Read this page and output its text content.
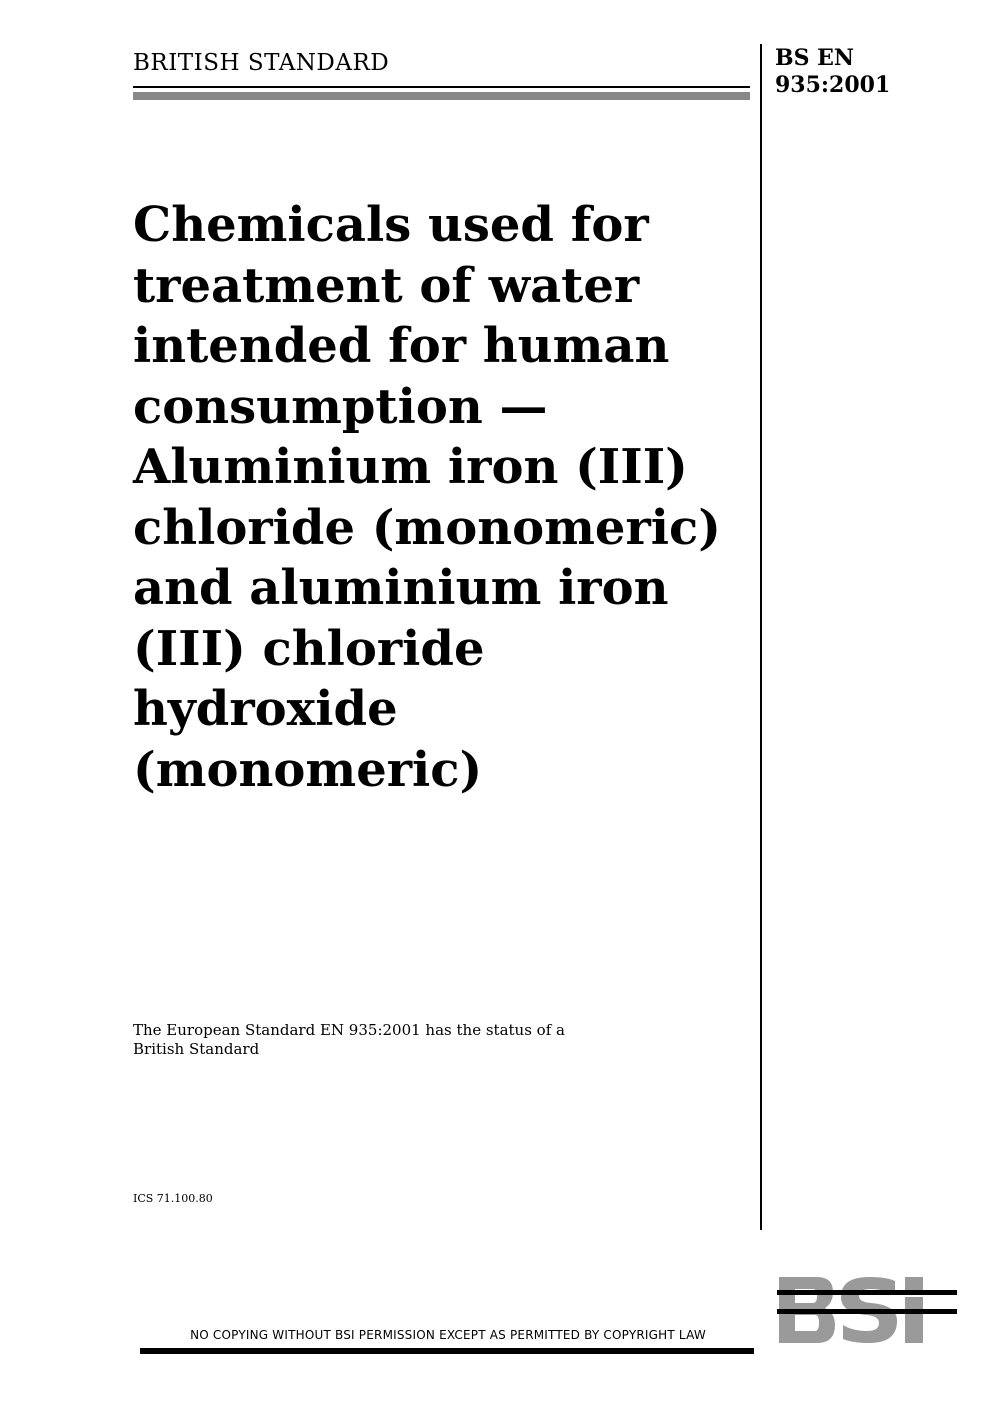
BRITISH STANDARD	BS EN
935:2001
Chemicals used for
treatment of water
intended for human
consumption —
Aluminium iron (III)
chloride (monomeric)
and aluminium iron
(III) chloride hydroxide
(monomeric)
The European Standard EN 935:2001 has the status of a
British Standard
ICS 71.100.80
NO COPYING WITHOUT BSI PERMISSION EXCEPT AS PERMITTED BY COPYRIGHT LAW
